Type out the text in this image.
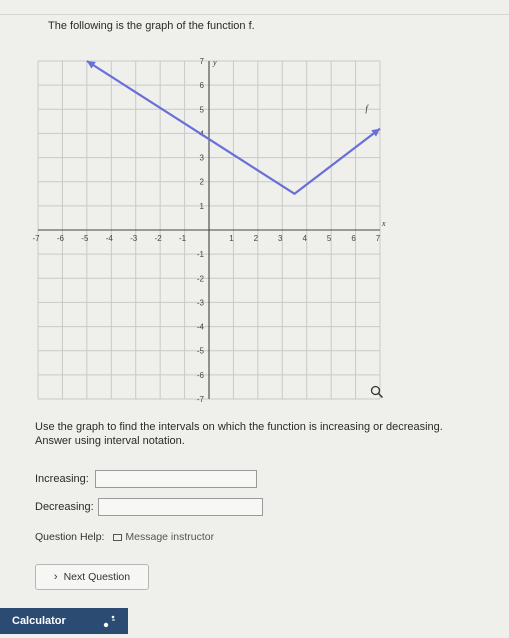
The following is the graph of the function f.
-7 -6 -5 -4 -3 -2 -1	1 2 3 4 5 6 7
7
6
5
4
3
2
1
-1
-2
-3
-4
-5
-6
-7
x
y
f
Use the graph to find the intervals on which the function is increasing or decreasing.
Answer using interval notation.
Increasing:
Decreasing:
Question Help: Message instructor
› Next Question
Calculator
